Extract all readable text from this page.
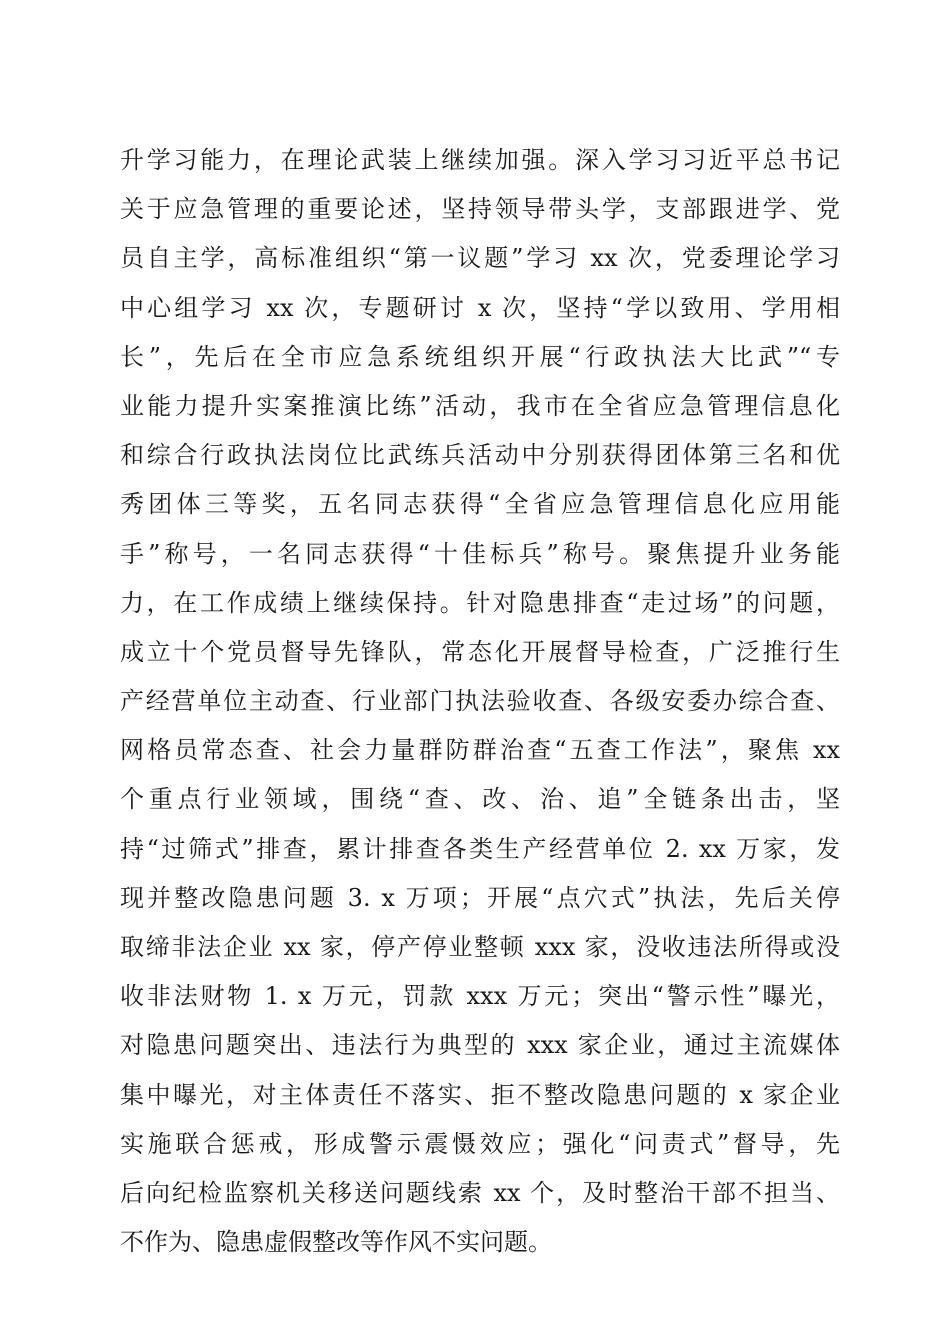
升学习能力，在理论武装上继续加强。深入学习习近平总书记
关于应急管理的重要论述，坚持领导带头学，支部跟进学、党
员自主学，高标准组织“第一议题”学习 xx 次，党委理论学习
中心组学习 xx 次，专题研讨 x 次，坚持“学以致用、学用相
长”，先后在全市应急系统组织开展“行政执法大比武”“专
业能力提升实案推演比练”活动，我市在全省应急管理信息化
和综合行政执法岗位比武练兵活动中分别获得团体第三名和优
秀团体三等奖，五名同志获得“全省应急管理信息化应用能
手”称号，一名同志获得“十佳标兵”称号。聚焦提升业务能
力，在工作成绩上继续保持。针对隐患排查“走过场”的问题，
成立十个党员督导先锋队，常态化开展督导检查，广泛推行生
产经营单位主动查、行业部门执法验收查、各级安委办综合查、
网格员常态查、社会力量群防群治查“五查工作法”，聚焦 xx
个重点行业领域，围绕“查、改、治、追”全链条出击，坚
持“过筛式”排查，累计排查各类生产经营单位 2. xx 万家，发
现并整改隐患问题 3. x 万项；开展“点穴式”执法，先后关停
取缔非法企业 xx 家，停产停业整顿 xxx 家，没收违法所得或没
收非法财物 1. x 万元，罚款 xxx 万元；突出“警示性”曝光，
对隐患问题突出、违法行为典型的 xxx 家企业，通过主流媒体
集中曝光，对主体责任不落实、拒不整改隐患问题的 x 家企业
实施联合惩戒，形成警示震慑效应；强化“问责式”督导，先
后向纪检监察机关移送问题线索 xx 个，及时整治干部不担当、
不作为、隐患虚假整改等作风不实问题。
